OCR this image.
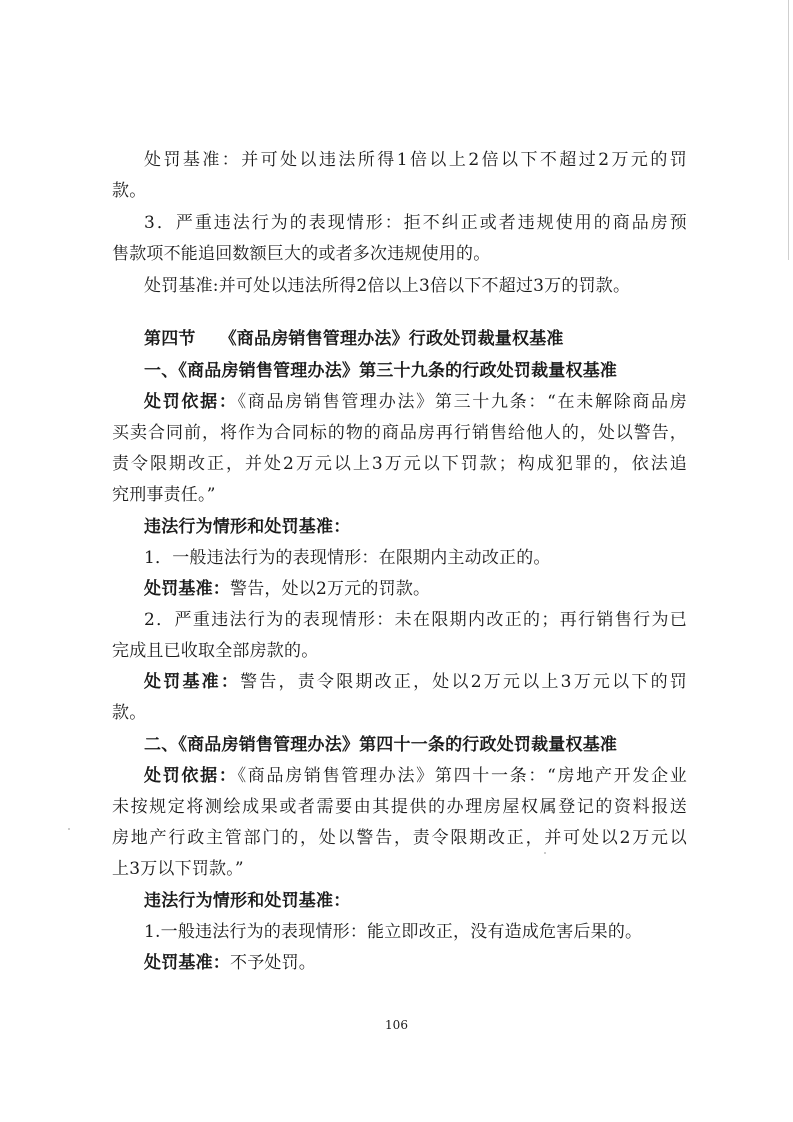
处罚基准：并可处以违法所得1倍以上2倍以下不超过2万元的罚
款。
3．严重违法行为的表现情形：拒不纠正或者违规使用的商品房预
售款项不能追回数额巨大的或者多次违规使用的。
处罚基准:并可处以违法所得2倍以上3倍以下不超过3万的罚款。
第四节 《商品房销售管理办法》行政处罚裁量权基准
一、《商品房销售管理办法》第三十九条的行政处罚裁量权基准
处罚依据：《商品房销售管理办法》第三十九条：“在未解除商品房
买卖合同前，将作为合同标的物的商品房再行销售给他人的，处以警告，
责令限期改正，并处2万元以上3万元以下罚款；构成犯罪的，依法追
究刑事责任。”
违法行为情形和处罚基准：
1．一般违法行为的表现情形：在限期内主动改正的。
处罚基准：警告，处以2万元的罚款。
2．严重违法行为的表现情形：未在限期内改正的；再行销售行为已
完成且已收取全部房款的。
处罚基准：警告，责令限期改正，处以2万元以上3万元以下的罚
款。
二、《商品房销售管理办法》第四十一条的行政处罚裁量权基准
处罚依据：《商品房销售管理办法》第四十一条：“房地产开发企业
未按规定将测绘成果或者需要由其提供的办理房屋权属登记的资料报送
房地产行政主管部门的，处以警告，责令限期改正，并可处以2万元以
上3万以下罚款。”
违法行为情形和处罚基准：
1.一般违法行为的表现情形：能立即改正，没有造成危害后果的。
处罚基准：不予处罚。
106
